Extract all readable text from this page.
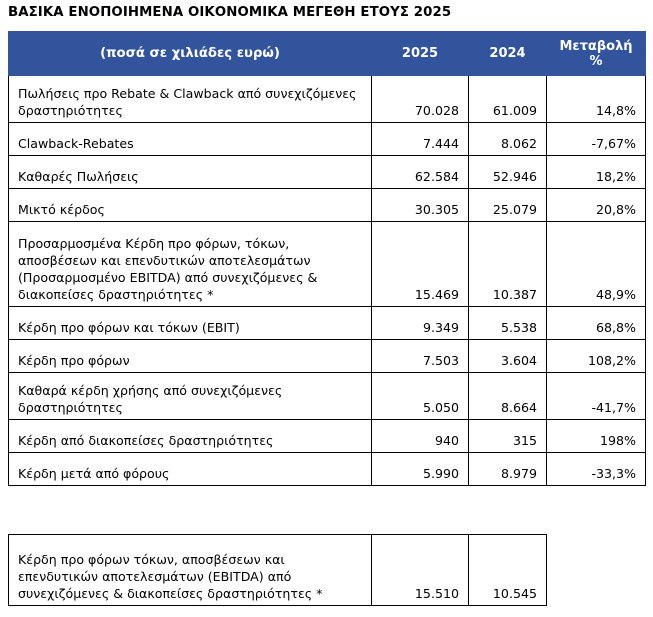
ΒΑΣΙΚΑ ΕΝΟΠΟΙΗΜΕΝΑ ΟΙΚΟΝΟΜΙΚΑ ΜΕΓΕΘΗ ΕΤΟΥΣ 2025
(ποσά σε χιλιάδες ευρώ)	2025	2024	Μεταβολή
%
Πωλήσεις προ Rebate & Clawback από συνεχιζόμενες δραστηριότητες	70.028	61.009	14,8%
Clawback-Rebates	7.444	8.062	-7,67%
Καθαρές Πωλήσεις	62.584	52.946	18,2%
Μικτό κέρδος	30.305	25.079	20,8%
Προσαρμοσμένα Κέρδη προ φόρων, τόκων, αποσβέσεων και επενδυτικών αποτελεσμάτων (Προσαρμοσμένο EBITDA) από συνεχιζόμενες & διακοπείσες δραστηριότητες *	15.469	10.387	48,9%
Κέρδη προ φόρων και τόκων (EBIT)	9.349	5.538	68,8%
Κέρδη προ φόρων	7.503	3.604	108,2%
Καθαρά κέρδη χρήσης από συνεχιζόμενες δραστηριότητες	5.050	8.664	-41,7%
Κέρδη από διακοπείσες δραστηριότητες	940	315	198%
Κέρδη μετά από φόρους	5.990	8.979	-33,3%
Κέρδη προ φόρων τόκων, αποσβέσεων και επενδυτικών αποτελεσμάτων (EBITDA) από συνεχιζόμενες & διακοπείσες δραστηριότητες *	15.510	10.545
